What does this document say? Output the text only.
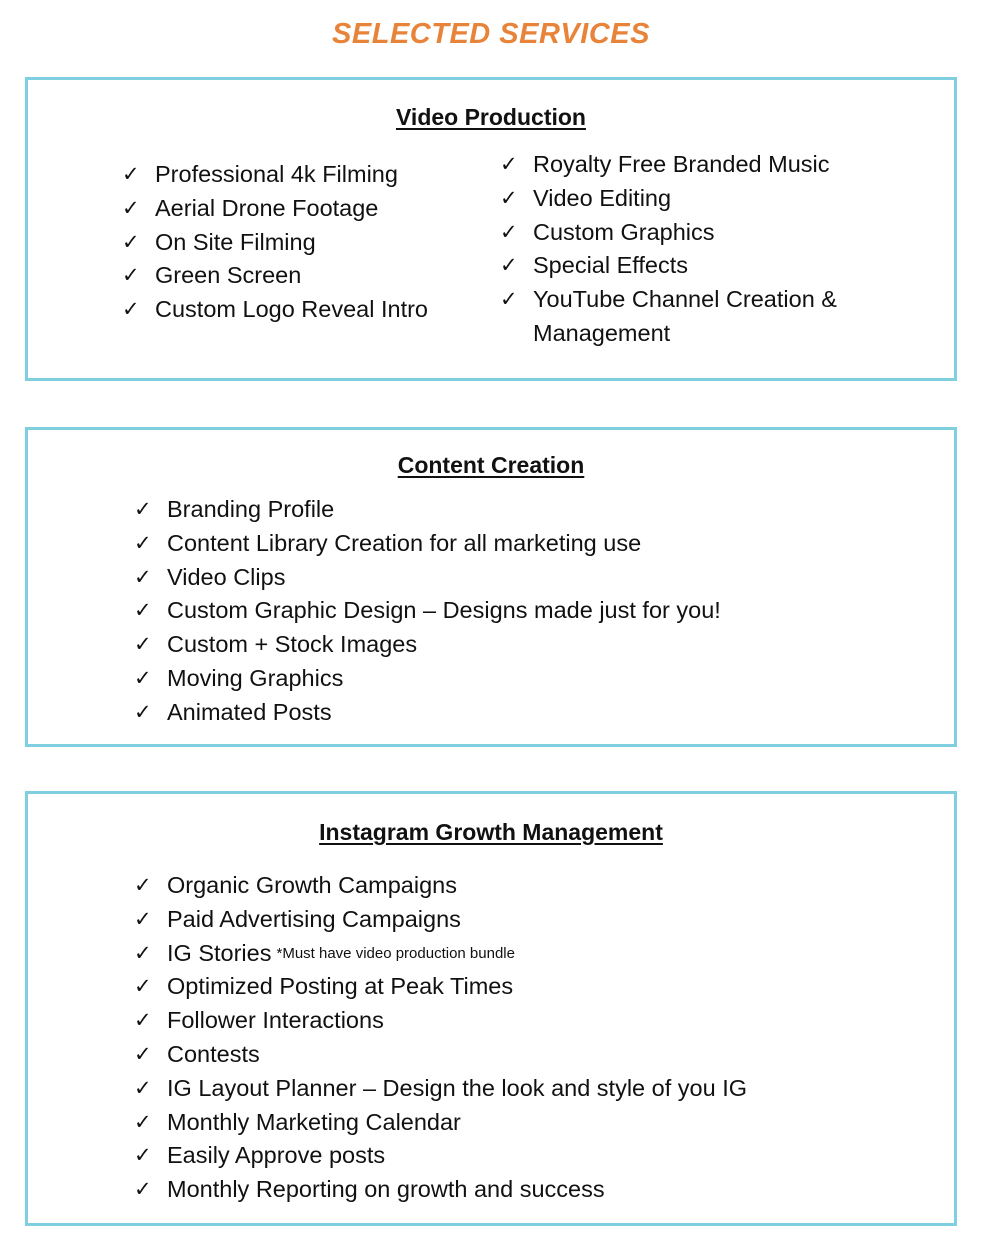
SELECTED SERVICES
Video Production
✓ Professional 4k Filming
✓ Aerial Drone Footage
✓ On Site Filming
✓ Green Screen
✓ Custom Logo Reveal Intro
✓ Royalty Free Branded Music
✓ Video Editing
✓ Custom Graphics
✓ Special Effects
✓ YouTube Channel Creation & Management
Content Creation
✓ Branding Profile
✓ Content Library Creation for all marketing use
✓ Video Clips
✓ Custom Graphic Design – Designs made just for you!
✓ Custom + Stock Images
✓ Moving Graphics
✓ Animated Posts
Instagram Growth Management
✓ Organic Growth Campaigns
✓ Paid Advertising Campaigns
✓ IG Stories *Must have video production bundle
✓ Optimized Posting at Peak Times
✓ Follower Interactions
✓ Contests
✓ IG Layout Planner – Design the look and style of you IG
✓ Monthly Marketing Calendar
✓ Easily Approve posts
✓ Monthly Reporting on growth and success
